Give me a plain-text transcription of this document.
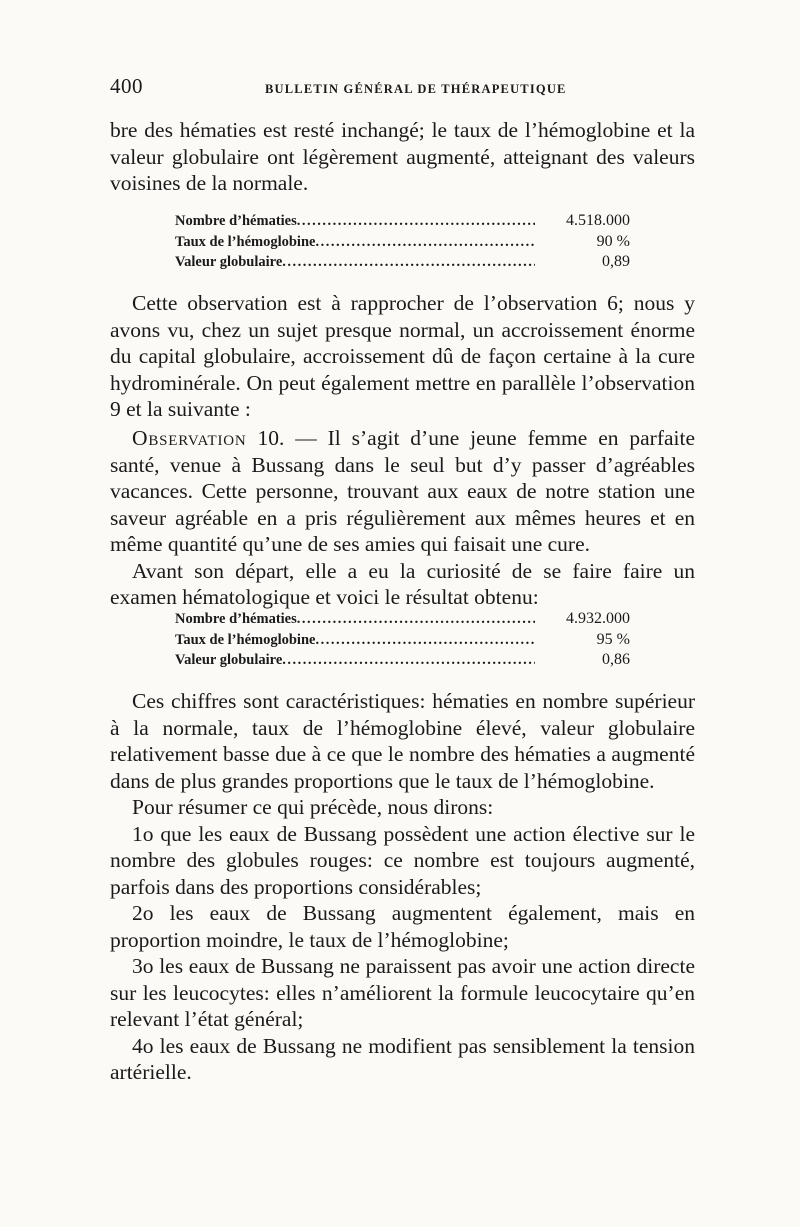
400	BULLETIN GÉNÉRAL DE THÉRAPEUTIQUE

bre des hématies est resté inchangé; le taux de l’hémoglobine et la valeur globulaire ont légèrement augmenté, atteignant des valeurs voisines de la normale.

Nombre d’hématies .....	4.518.000
Taux de l’hémoglobine .....	90 %
Valeur globulaire .....	0,89

Cette observation est à rapprocher de l’observation 6; nous y avons vu, chez un sujet presque normal, un accroissement énorme du capital globulaire, accroissement dû de façon certaine à la cure hydrominérale. On peut également mettre en parallèle l’observation 9 et la suivante :

Observation 10. — Il s’agit d’une jeune femme en parfaite santé, venue à Bussang dans le seul but d’y passer d’agréables vacances. Cette personne, trouvant aux eaux de notre station une saveur agréable en a pris régulièrement aux mêmes heures et en même quantité qu’une de ses amies qui faisait une cure.

Avant son départ, elle a eu la curiosité de se faire faire un examen hématologique et voici le résultat obtenu:

Nombre d’hématies .....	4.932.000
Taux de l’hémoglobine .....	95 %
Valeur globulaire .....	0,86

Ces chiffres sont caractéristiques: hématies en nombre supérieur à la normale, taux de l’hémoglobine élevé, valeur globulaire relativement basse due à ce que le nombre des hématies a augmenté dans de plus grandes proportions que le taux de l’hémoglobine.

Pour résumer ce qui précède, nous dirons:

1o que les eaux de Bussang possèdent une action élective sur le nombre des globules rouges: ce nombre est toujours augmenté, parfois dans des proportions considérables;

2o les eaux de Bussang augmentent également, mais en proportion moindre, le taux de l’hémoglobine;

3o les eaux de Bussang ne paraissent pas avoir une action directe sur les leucocytes: elles n’améliorent la formule leucocytaire qu’en relevant l’état général;

4o les eaux de Bussang ne modifient pas sensiblement la tension artérielle.
